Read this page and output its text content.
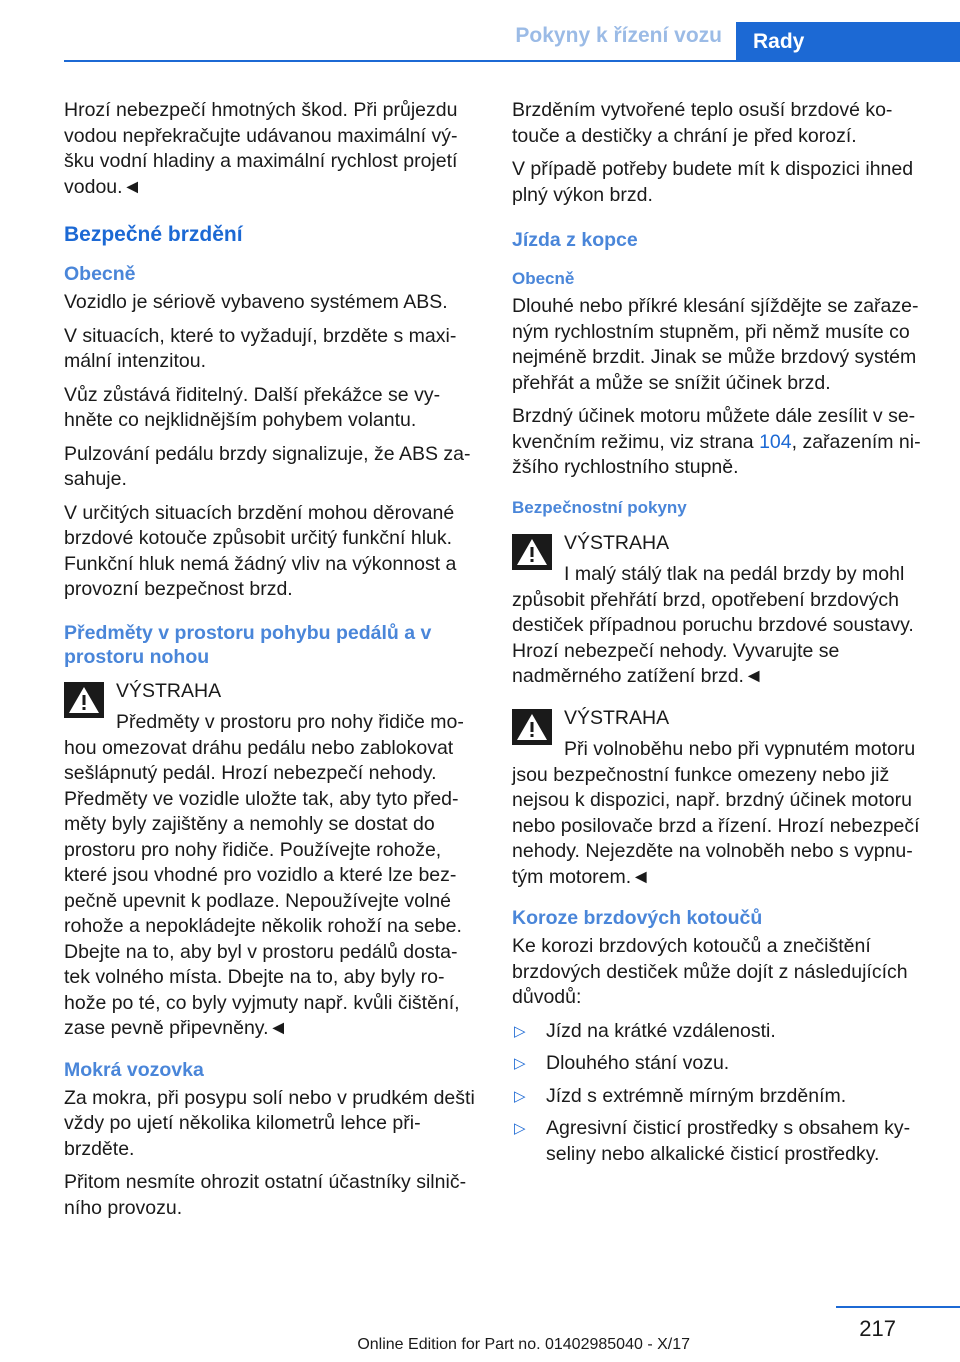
Pokyny k řízení vozu	Rady

Hrozí nebezpečí hmotných škod. Při průjezdu vodou nepřekračujte udávanou maximální vý‐ šku vodní hladiny a maximální rychlost projetí vodou.◄

Bezpečné brzdění
Obecně

Vozidlo je sériově vybaveno systémem ABS.

V situacích, které to vyžadují, brzděte s maxi‐ mální intenzitou.

Vůz zůstává řiditelný. Další překážce se vy‐ hněte co nejklidnějším pohybem volantu.

Pulzování pedálu brzdy signalizuje, že ABS za‐ sahuje.

V určitých situacích brzdění mohou děrované brzdové kotouče způsobit určitý funkční hluk. Funkční hluk nemá žádný vliv na výkonnost a provozní bezpečnost brzd.

Předměty v prostoru pohybu pedálů a v prostoru nohou

VÝSTRAHA

Předměty v prostoru pro nohy řidiče mo‐ hou omezovat dráhu pedálu nebo zablokovat sešlápnutý pedál. Hrozí nebezpečí nehody. Předměty ve vozidle uložte tak, aby tyto před‐ měty byly zajištěny a nemohly se dostat do prostoru pro nohy řidiče. Používejte rohože, které jsou vhodné pro vozidlo a které lze bez‐ pečně upevnit k podlaze. Nepoužívejte volné rohože a nepokládejte několik rohoží na sebe. Dbejte na to, aby byl v prostoru pedálů dosta‐ tek volného místa. Dbejte na to, aby byly ro‐ hože po té, co byly vyjmuty např. kvůli čištění, zase pevně připevněny.◄

Mokrá vozovka

Za mokra, při posypu solí nebo v prudkém dešti vždy po ujetí několika kilometrů lehce při‐ brzděte.

Přitom nesmíte ohrozit ostatní účastníky silnič‐ ního provozu.

Brzděním vytvořené teplo osuší brzdové ko‐ touče a destičky a chrání je před korozí.

V případě potřeby budete mít k dispozici ihned plný výkon brzd.

Jízda z kopce
Obecně

Dlouhé nebo příkré klesání sjíždějte se zařaze‐ ným rychlostním stupněm, při němž musíte co nejméně brzdit. Jinak se může brzdový systém přehřát a může se snížit účinek brzd.

Brzdný účinek motoru můžete dále zesílit v se‐ kvenčním režimu, viz strana 104, zařazením ni‐ žšího rychlostního stupně.

Bezpečnostní pokyny

VÝSTRAHA

I malý stálý tlak na pedál brzdy by mohl způsobit přehřátí brzd, opotřebení brzdových destiček případnou poruchu brzdové soustavy. Hrozí nebezpečí nehody. Vyvarujte se nadměrného zatížení brzd.◄

VÝSTRAHA

Při volnoběhu nebo při vypnutém motoru jsou bezpečnostní funkce omezeny nebo již nejsou k dispozici, např. brzdný účinek motoru nebo posilovače brzd a řízení. Hrozí nebezpečí nehody. Nejezděte na volnoběh nebo s vypnu‐ tým motorem.◄

Koroze brzdových kotoučů

Ke korozi brzdových kotoučů a znečištění brzdových destiček může dojít z následujících důvodů:

▷ Jízd na krátké vzdálenosti.
▷ Dlouhého stání vozu.
▷ Jízd s extrémně mírným brzděním.
▷ Agresivní čisticí prostředky s obsahem ky‐ seliny nebo alkalické čisticí prostředky.
217
Online Edition for Part no. 01402985040 - X/17
